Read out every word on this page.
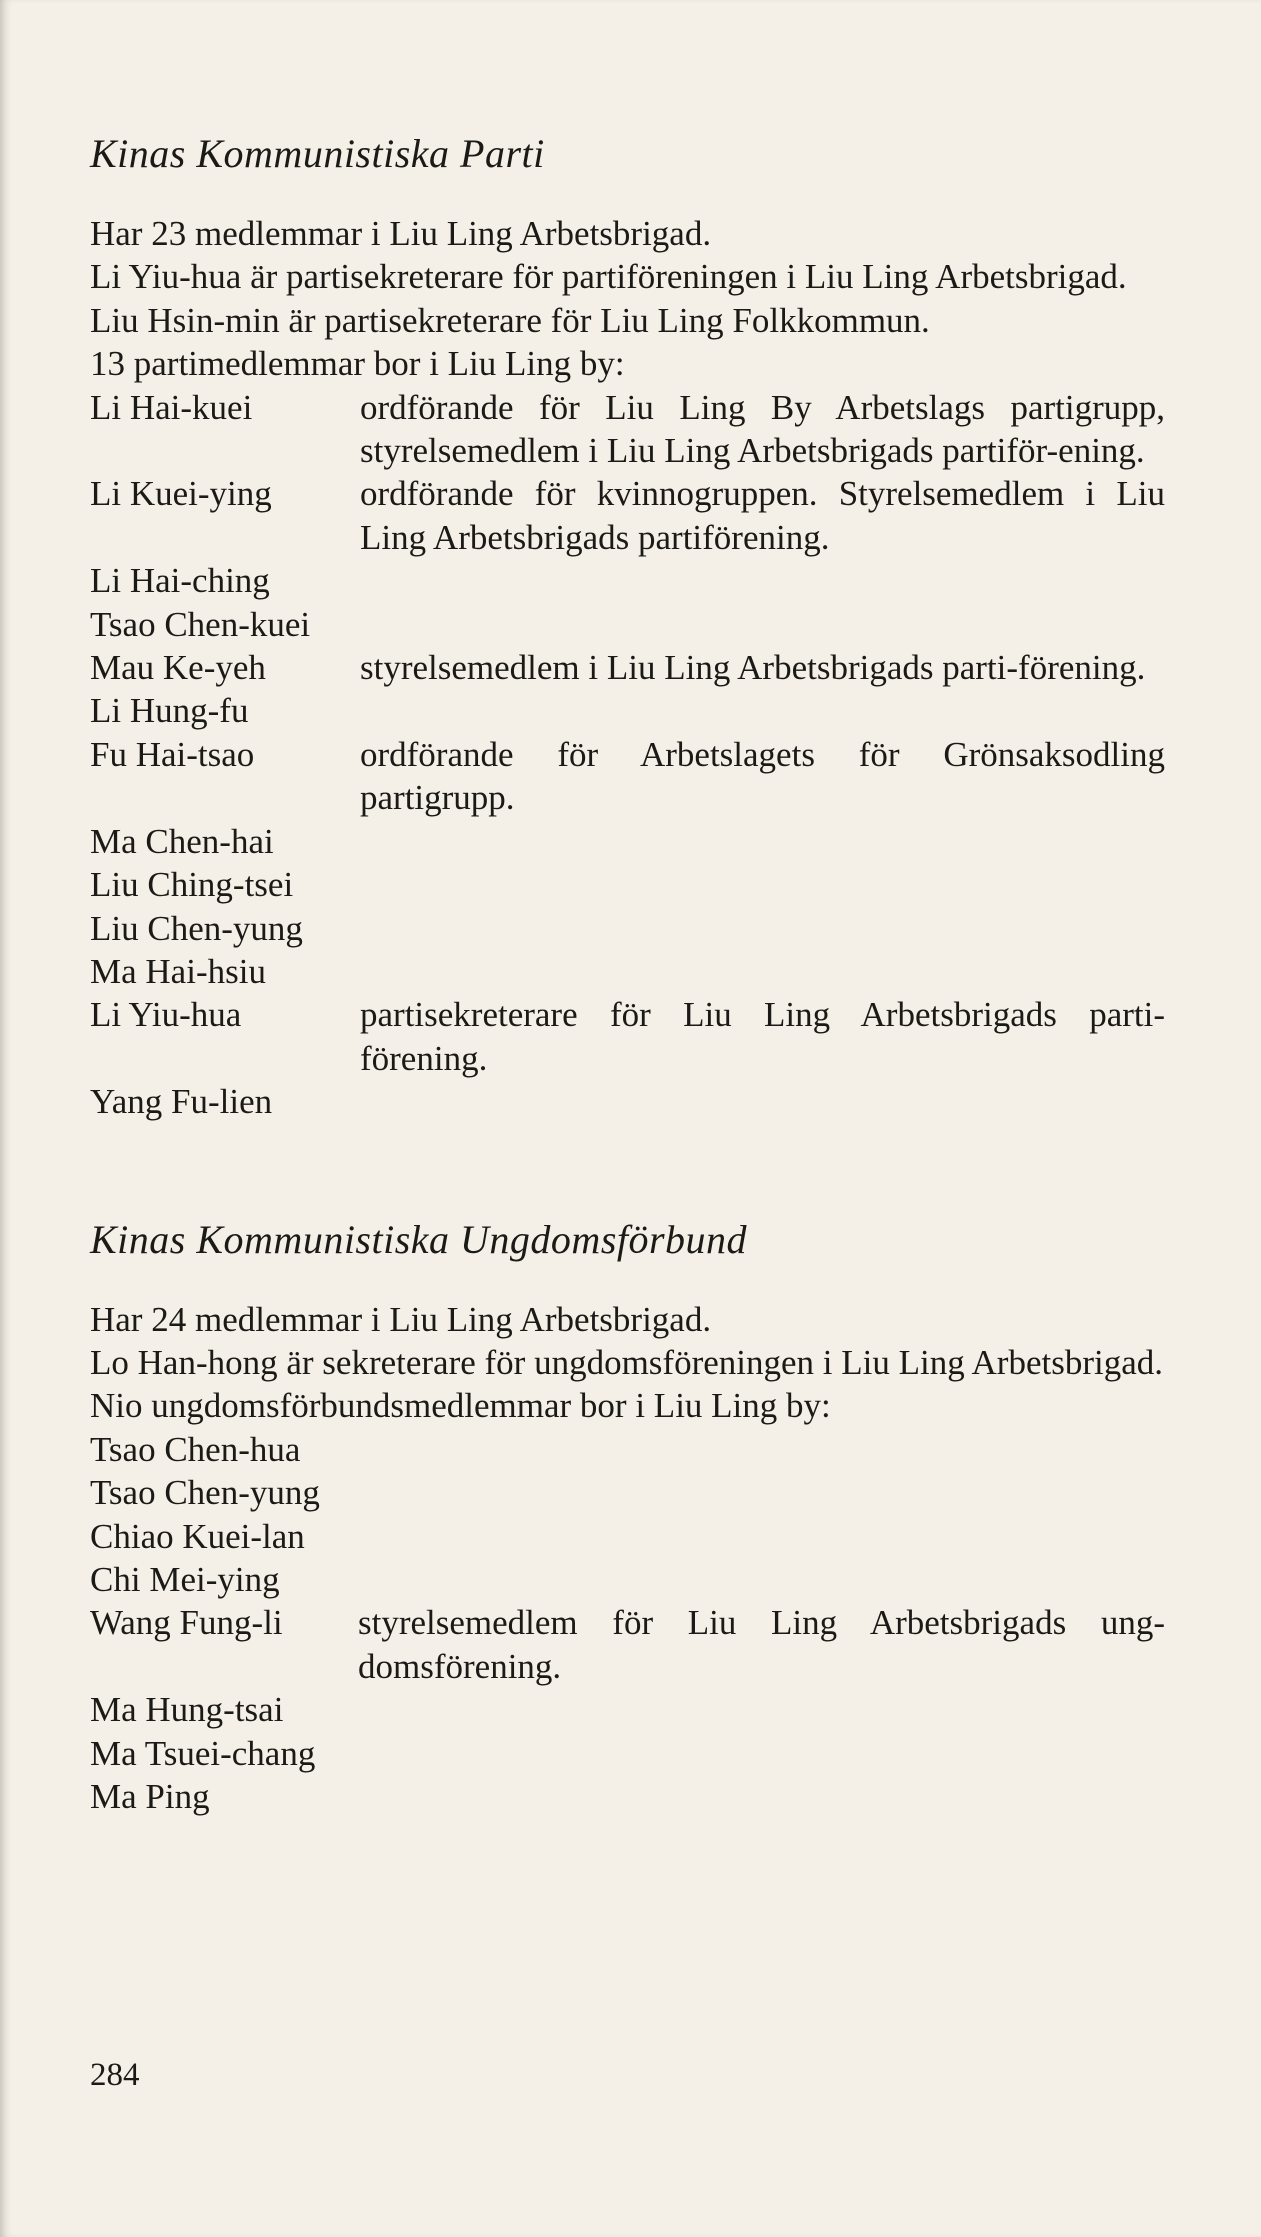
Kinas Kommunistiska Parti

Har 23 medlemmar i Liu Ling Arbetsbrigad.

Li Yiu-hua är partisekreterare för partiföreningen i Liu Ling Arbetsbrigad.

Liu Hsin-min är partisekreterare för Liu Ling Folkkommun.

13 partimedlemmar bor i Liu Ling by:

Li Hai-kuei	ordförande för Liu Ling By Arbetslags partigrupp, styrelsemedlem i Liu Ling Arbetsbrigads partiför-ening.
Li Kuei-ying	ordförande för kvinnogruppen. Styrelsemedlem i Liu Ling Arbetsbrigads partiförening.
Li Hai-ching
Tsao Chen-kuei
Mau Ke-yeh	styrelsemedlem i Liu Ling Arbetsbrigads parti-förening.
Li Hung-fu
Fu Hai-tsao	ordförande för Arbetslagets för Grönsaksodling partigrupp.
Ma Chen-hai
Liu Ching-tsei
Liu Chen-yung
Ma Hai-hsiu
Li Yiu-hua	partisekreterare för Liu Ling Arbetsbrigads parti-förening.
Yang Fu-lien
Kinas Kommunistiska Ungdomsförbund

Har 24 medlemmar i Liu Ling Arbetsbrigad.

Lo Han-hong är sekreterare för ungdomsföreningen i Liu Ling Arbetsbrigad.

Nio ungdomsförbundsmedlemmar bor i Liu Ling by:

Tsao Chen-hua
Tsao Chen-yung
Chiao Kuei-lan
Chi Mei-ying
Wang Fung-li	styrelsemedlem för Liu Ling Arbetsbrigads ung-domsförening.
Ma Hung-tsai
Ma Tsuei-chang
Ma Ping
284
